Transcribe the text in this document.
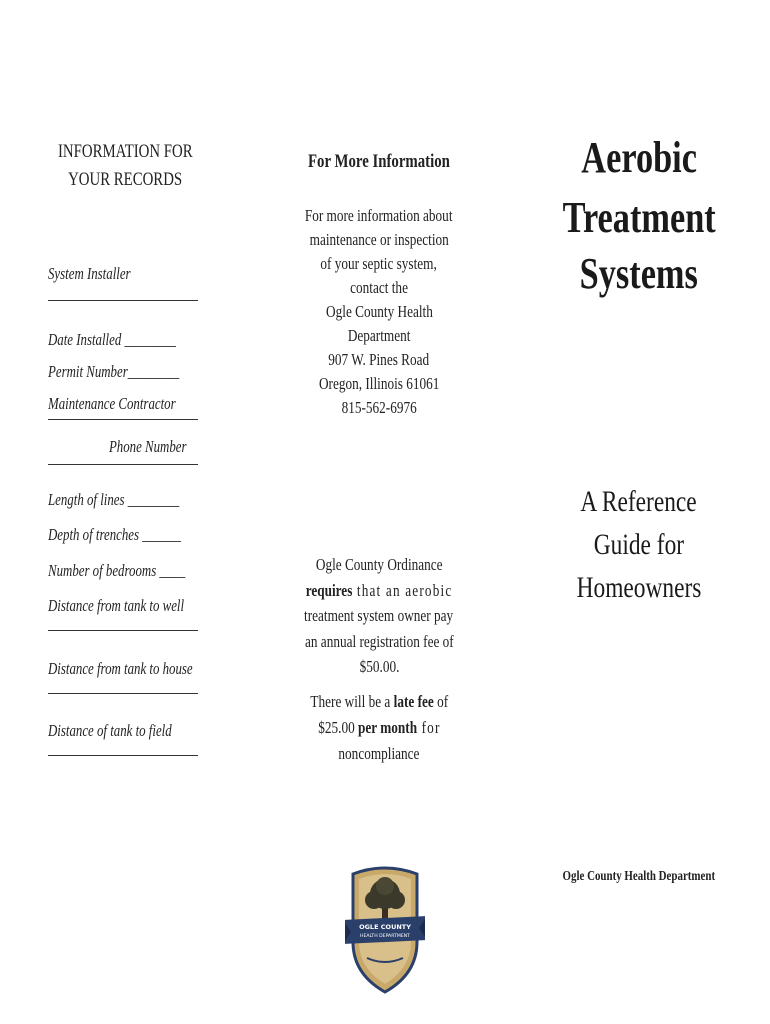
INFORMATION FOR
YOUR RECORDS
System Installer
Date Installed ________
Permit Number________
Maintenance Contractor
Phone Number
Length of lines ________
Depth of trenches ______
Number of bedrooms ____
Distance from tank to well
Distance from tank to house
Distance of tank to field
For More Information
For more information about
maintenance or inspection
of your septic system,
contact the
Ogle County Health
Department
907 W. Pines Road
Oregon, Illinois 61061
815-562-6976
Ogle County Ordinance
requires that an aerobic
treatment system owner pay
an annual registration fee of
$50.00.
There will be a late fee of
$25.00 per month for
noncompliance
OGLE COUNTY
HEALTH DEPARTMENT
Aerobic
Treatment
Systems
A Reference
Guide for
Homeowners
Ogle County Health Department
